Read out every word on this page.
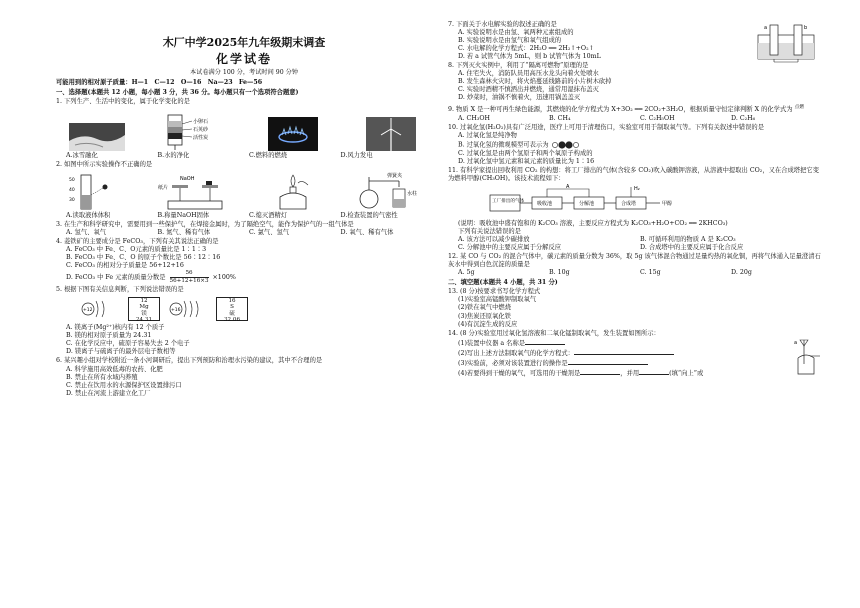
木厂中学2025年九年级期末调查
化学试卷
本试卷满分 100 分，考试时间 90 分钟
可能用到的相对原子质量：H—1　C—12　O—16　Na—23　Fe—56
一、选择题(本题共 12 小题，每小题 3 分，共 36 分。每小题只有一个选项符合题意)
1. 下列生产、生活中的变化，属于化学变化的是
小卵石
石英砂
活性炭
A.冰雪融化	B.水的净化	C.燃料的燃烧	D.风力发电
2. 如图中所示实验操作不正确的是
50
40
30
NaOH
纸片
弹簧夹
水柱
A.读取液体体积	B.称量NaOH固体	C.熄灭酒精灯	D.检查装置的气密性
3. 在生产和科学研究中，需要用到一些保护气，在焊接金属时，为了隔绝空气，能作为保护气的一组气体是
A. 氢气、氧气	B. 氮气、稀有气体	C. 氯气、氢气	D. 氧气、稀有气体
4. 菱铁矿的主要成分是 FeCO₃，下列有关其说法正确的是
A. FeCO₃ 中 Fe、C、O元素的质量比是 1∶1∶3
B. FeCO₃ 中 Fe、C、O 的原子个数比是 56∶12∶16
C. FeCO₃ 的相对分子质量是 56+12+16
D. FeCO₃ 中 Fe 元素的质量分数是 $\frac{56}{56+12+16\times 3} \times 100\%$
5. 根据下图有关信息判断，下列说法错误的是
+12
12
Mg
镁
24.31
+16
16
S
硫
32.06
A. 镁离子(Mg²⁺)核内有 12 个质子
B. 镁的相对原子质量为 24.31
C. 在化学反应中，硫原子容易失去 2 个电子
D. 镁离子与硫离子的最外层电子数相等
6. 某兴趣小组对学校附近一条小河调研后，提出下列预防和治理水污染的建议，其中不合理的是
A. 科学施用高效低毒的农药、化肥
B. 禁止在所有水域内养殖
C. 禁止在饮用水的水源保护区设置排污口
D. 禁止在河流上游建立化工厂
a	b
7. 下面关于水电解实验的叙述正确的是
A. 实验说明水是由氢、氧两种元素组成的
B. 实验说明水是由氢气和氧气组成的
C. 水电解的化学方程式：2H₂O ══ 2H₂↑+O₂↑
D. 若 a 试管气体为 5mL，则 b 试管气体为 10mL
8. 下列灭火实例中，利用了“隔离可燃物”原理的是
A. 住宅失火，消防队员用高压水龙头向着火处喷水
B. 发生森林火灾时，将火焰蔓延线路前的小片树木砍掉
C. 实验时酒精不慎洒出并燃烧，通常用湿抹布盖灭
D. 炒菜时，油锅不慎着火，迅速用锅盖盖灭
9. 物质 X 是一种可再生绿色能源，其燃烧的化学方程式为 X+3O₂ ══ 2CO₂+3H₂O，根据质量守恒定律判断 X 的化学式为 $^{点燃}$
A. CH₃OH	B. CH₄	C. C₂H₅OH	D. C₂H₆
10. 过氧化氢(H₂O₂)具有广泛用途，医疗上可用于清理伤口，实验室可用于制取氧气等。下列有关叙述中错误的是
A. 过氧化氢是纯净物
B. 过氧化氢的微观模型可表示为
C. 过氧化氢是由两个氢原子和两个氧原子构成的
D. 过氧化氢中氢元素和氧元素的质量比为 1∶16
11. 有科学家提出回收利用 CO₂ 的构想：将工厂排出的气体(含较多 CO₂)吹入碳酸钾溶液，从溶液中提取出 CO₂，又在合成塔把它变为燃料甲醇(CH₃OH)。该技术流程如下：
工厂排出的气体	吸收池	分解池	合成塔	甲醇
A	H₂
(说明：吸收池中盛有饱和的 K₂CO₃ 溶液，主要反应方程式为 K₂CO₃+H₂O+CO₂ ══ 2KHCO₃)
下列有关说法错误的是
A. 该方法可以减少碳排放	B. 可循环利用的物质 A 是 K₂CO₃
C. 分解池中的主要反应属于分解反应	D. 合成塔中的主要反应属于化合反应
12. 某 CO 与 CO₂ 的混合气体中，碳元素的质量分数为 36%，取 5g 该气体混合物通过足量灼热的氧化铜，再将气体通入足量澄清石灰水中得到白色沉淀的质量是
A. 5g	B. 10g	C. 15g	D. 20g
二、填空题(本题共 4 小题，共 31 分)
13. (8 分)按要求书写化学方程式
(1)实验室高锰酸钾制取氧气
(2)铁在氧气中燃烧
(3)焦炭还原氧化铁
(4)有沉淀生成的反应
a
14. (8 分)实验室用过氧化氢溶液和二氧化锰制取氧气，发生装置如图所示：
(1)装置中仪器 a 名称是
(2)写出上述方法制取氧气的化学方程式：
(3)实验前，必须对该装置进行的操作是
(4)若要得到干燥的氧气，可选用的干燥剂是	，并用	(填“向上”或
